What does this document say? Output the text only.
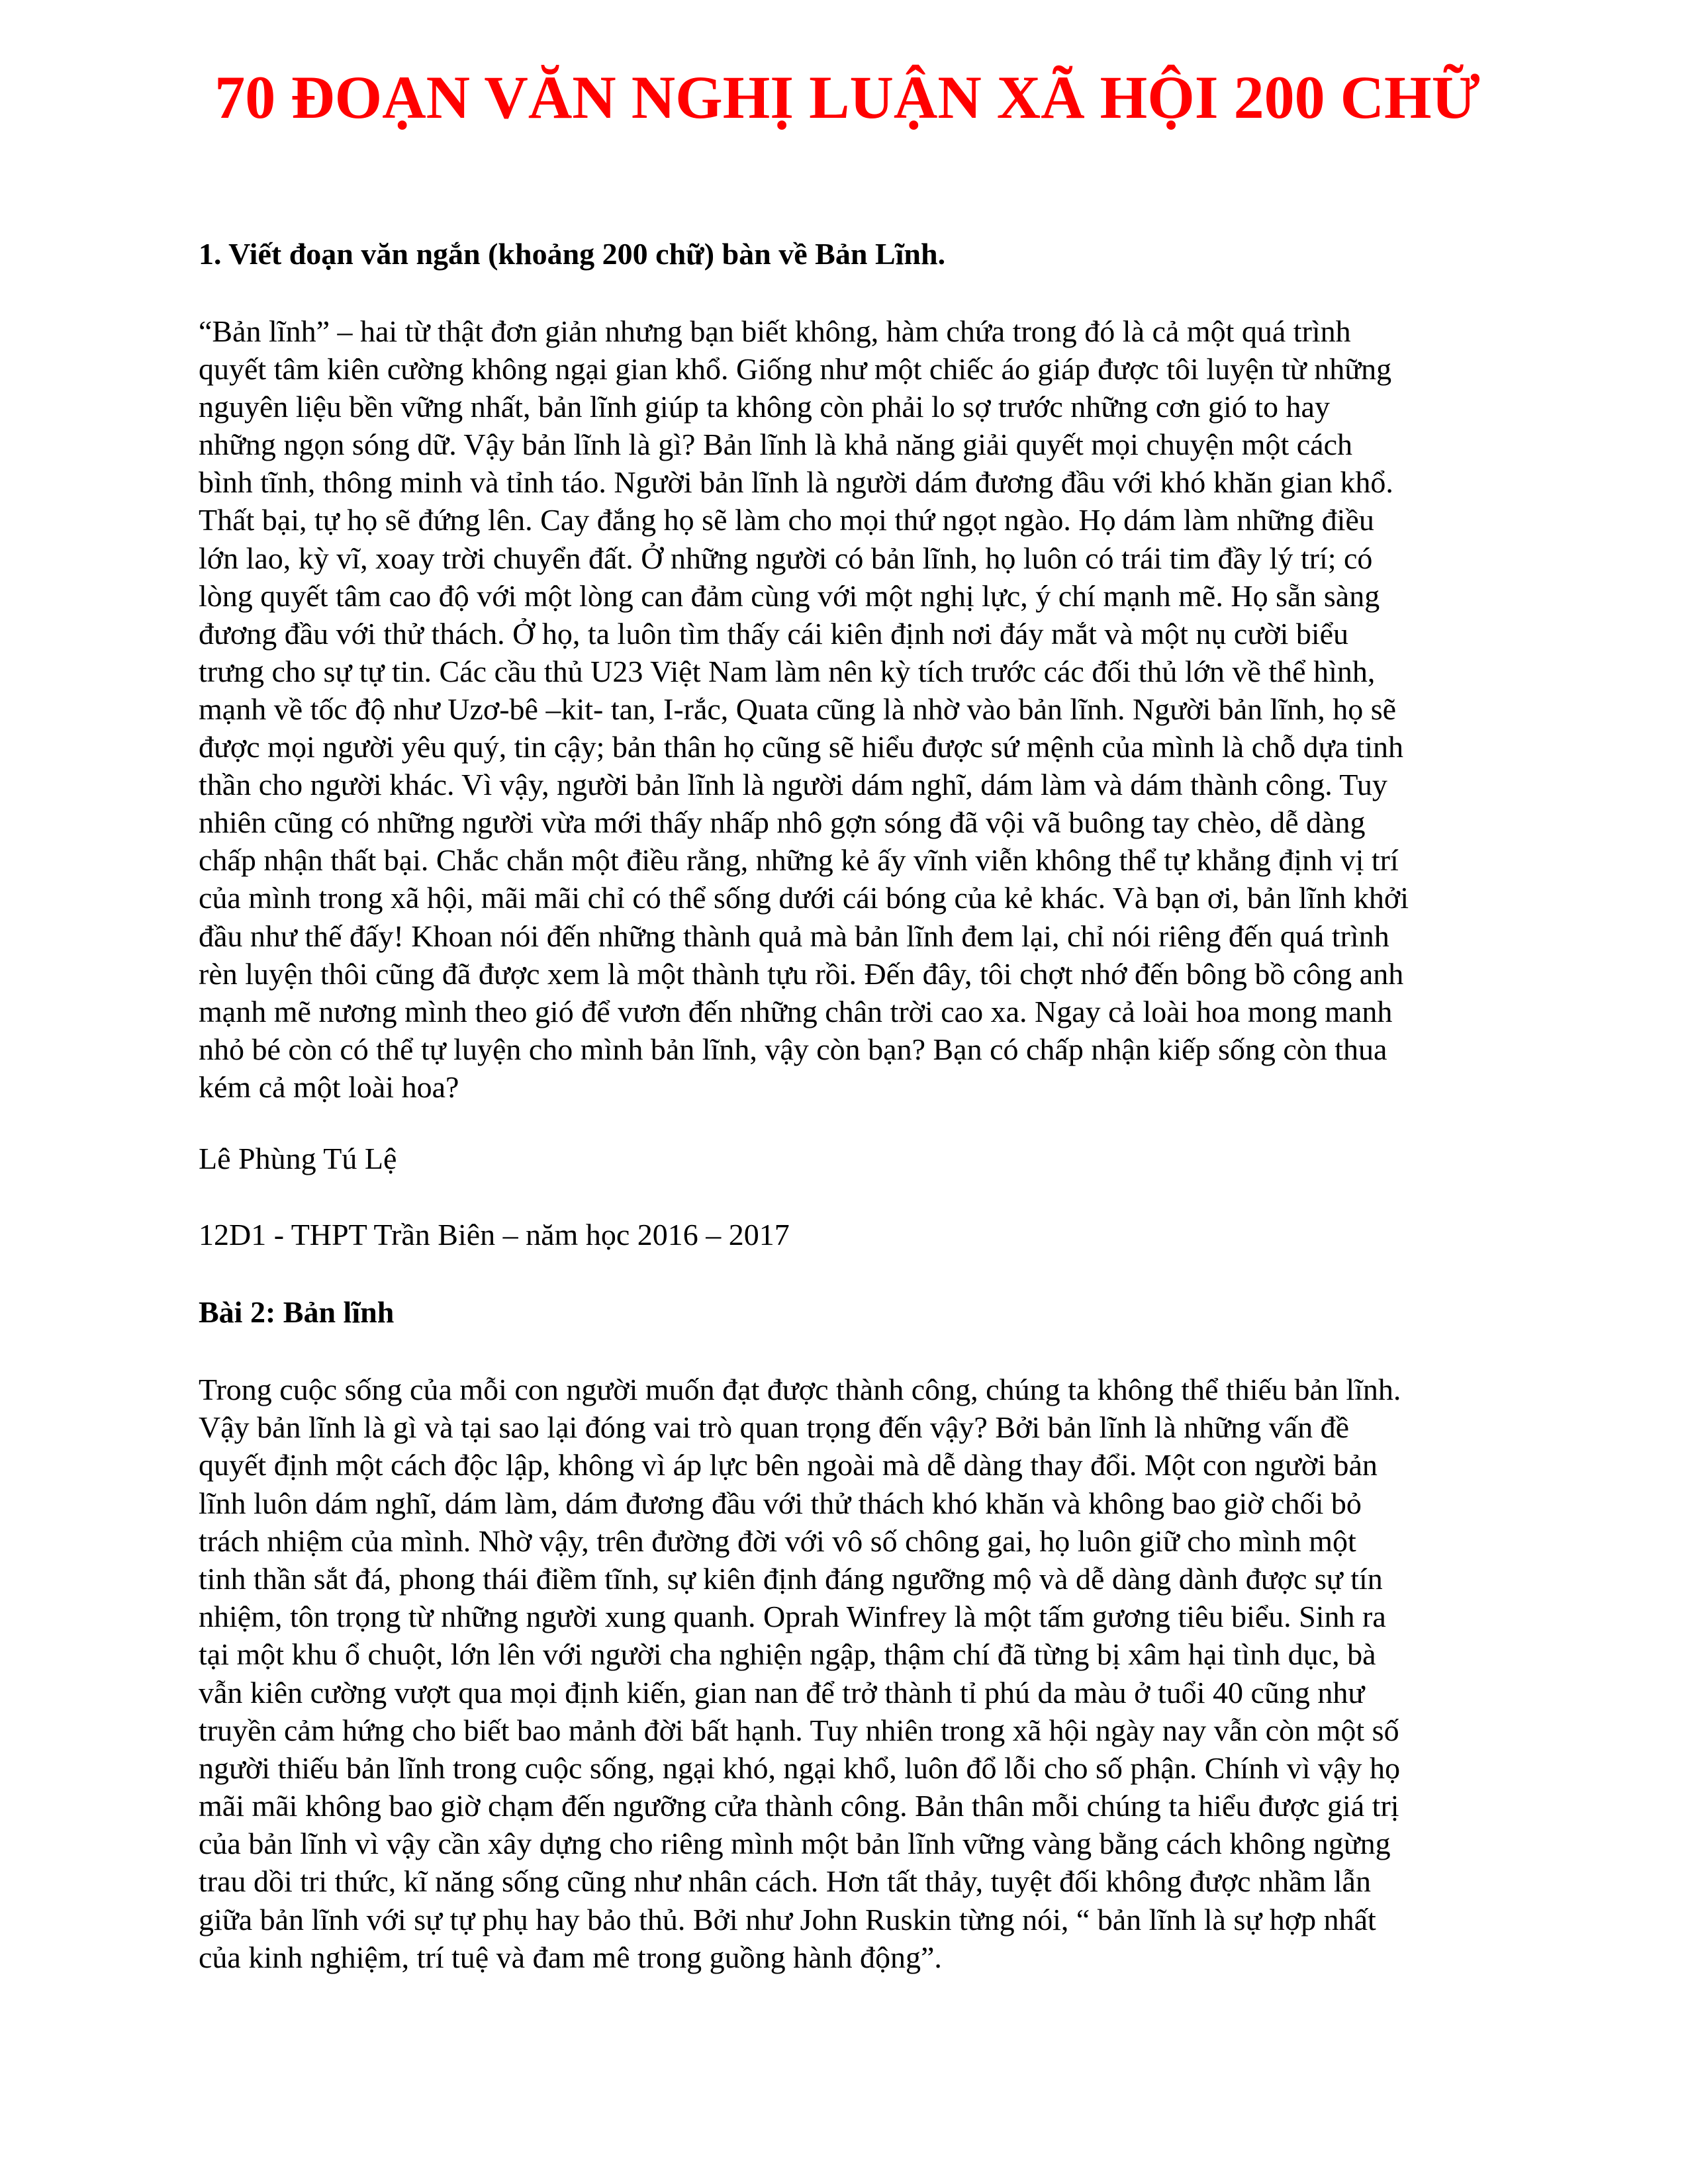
70 ĐOẠN VĂN NGHỊ LUẬN XÃ HỘI 200 CHỮ

1. Viết đoạn văn ngắn (khoảng 200 chữ) bàn về Bản Lĩnh.

“Bản lĩnh” – hai từ thật đơn giản nhưng bạn biết không, hàm chứa trong đó là cả một quá trình
quyết tâm kiên cường không ngại gian khổ. Giống như một chiếc áo giáp được tôi luyện từ những
nguyên liệu bền vững nhất, bản lĩnh giúp ta không còn phải lo sợ trước những cơn gió to hay
những ngọn sóng dữ. Vậy bản lĩnh là gì? Bản lĩnh là khả năng giải quyết mọi chuyện một cách
bình tĩnh, thông minh và tỉnh táo. Người bản lĩnh là người dám đương đầu với khó khăn gian khổ.
Thất bại, tự họ sẽ đứng lên. Cay đắng họ sẽ làm cho mọi thứ ngọt ngào. Họ dám làm những điều
lớn lao, kỳ vĩ, xoay trời chuyển đất. Ở những người có bản lĩnh, họ luôn có trái tim đầy lý trí; có
lòng quyết tâm cao độ với một lòng can đảm cùng với một nghị lực, ý chí mạnh mẽ. Họ sẵn sàng
đương đầu với thử thách. Ở họ, ta luôn tìm thấy cái kiên định nơi đáy mắt và một nụ cười biểu
trưng cho sự tự tin. Các cầu thủ U23 Việt Nam làm nên kỳ tích trước các đối thủ lớn về thể hình,
mạnh về tốc độ như Uzơ-bê –kit- tan, I-rắc, Quata cũng là nhờ vào bản lĩnh. Người bản lĩnh, họ sẽ
được mọi người yêu quý, tin cậy; bản thân họ cũng sẽ hiểu được sứ mệnh của mình là chỗ dựa tinh
thần cho người khác. Vì vậy, người bản lĩnh là người dám nghĩ, dám làm và dám thành công. Tuy
nhiên cũng có những người vừa mới thấy nhấp nhô gợn sóng đã vội vã buông tay chèo, dễ dàng
chấp nhận thất bại. Chắc chắn một điều rằng, những kẻ ấy vĩnh viễn không thể tự khẳng định vị trí
của mình trong xã hội, mãi mãi chỉ có thể sống dưới cái bóng của kẻ khác. Và bạn ơi, bản lĩnh khởi
đầu như thế đấy! Khoan nói đến những thành quả mà bản lĩnh đem lại, chỉ nói riêng đến quá trình
rèn luyện thôi cũng đã được xem là một thành tựu rồi. Đến đây, tôi chợt nhớ đến bông bồ công anh
mạnh mẽ nương mình theo gió để vươn đến những chân trời cao xa. Ngay cả loài hoa mong manh
nhỏ bé còn có thể tự luyện cho mình bản lĩnh, vậy còn bạn? Bạn có chấp nhận kiếp sống còn thua
kém cả một loài hoa?

Lê Phùng Tú Lệ

12D1 - THPT Trần Biên – năm học 2016 – 2017

Bài 2: Bản lĩnh

Trong cuộc sống của mỗi con người muốn đạt được thành công, chúng ta không thể thiếu bản lĩnh.
Vậy bản lĩnh là gì và tại sao lại đóng vai trò quan trọng đến vậy? Bởi bản lĩnh là những vấn đề
quyết định một cách độc lập, không vì áp lực bên ngoài mà dễ dàng thay đổi. Một con người bản
lĩnh luôn dám nghĩ, dám làm, dám đương đầu với thử thách khó khăn và không bao giờ chối bỏ
trách nhiệm của mình. Nhờ vậy, trên đường đời với vô số chông gai, họ luôn giữ cho mình một
tinh thần sắt đá, phong thái điềm tĩnh, sự kiên định đáng ngưỡng mộ và dễ dàng dành được sự tín
nhiệm, tôn trọng từ những người xung quanh. Oprah Winfrey là một tấm gương tiêu biểu. Sinh ra
tại một khu ổ chuột, lớn lên với người cha nghiện ngập, thậm chí đã từng bị xâm hại tình dục, bà
vẫn kiên cường vượt qua mọi định kiến, gian nan để trở thành tỉ phú da màu ở tuổi 40 cũng như
truyền cảm hứng cho biết bao mảnh đời bất hạnh. Tuy nhiên trong xã hội ngày nay vẫn còn một số
người thiếu bản lĩnh trong cuộc sống, ngại khó, ngại khổ, luôn đổ lỗi cho số phận. Chính vì vậy họ
mãi mãi không bao giờ chạm đến ngưỡng cửa thành công. Bản thân mỗi chúng ta hiểu được giá trị
của bản lĩnh vì vậy cần xây dựng cho riêng mình một bản lĩnh vững vàng bằng cách không ngừng
trau dồi tri thức, kĩ năng sống cũng như nhân cách. Hơn tất thảy, tuyệt đối không được nhầm lẫn
giữa bản lĩnh với sự tự phụ hay bảo thủ. Bởi như John Ruskin từng nói, “ bản lĩnh là sự hợp nhất
của kinh nghiệm, trí tuệ và đam mê trong guồng hành động”.
